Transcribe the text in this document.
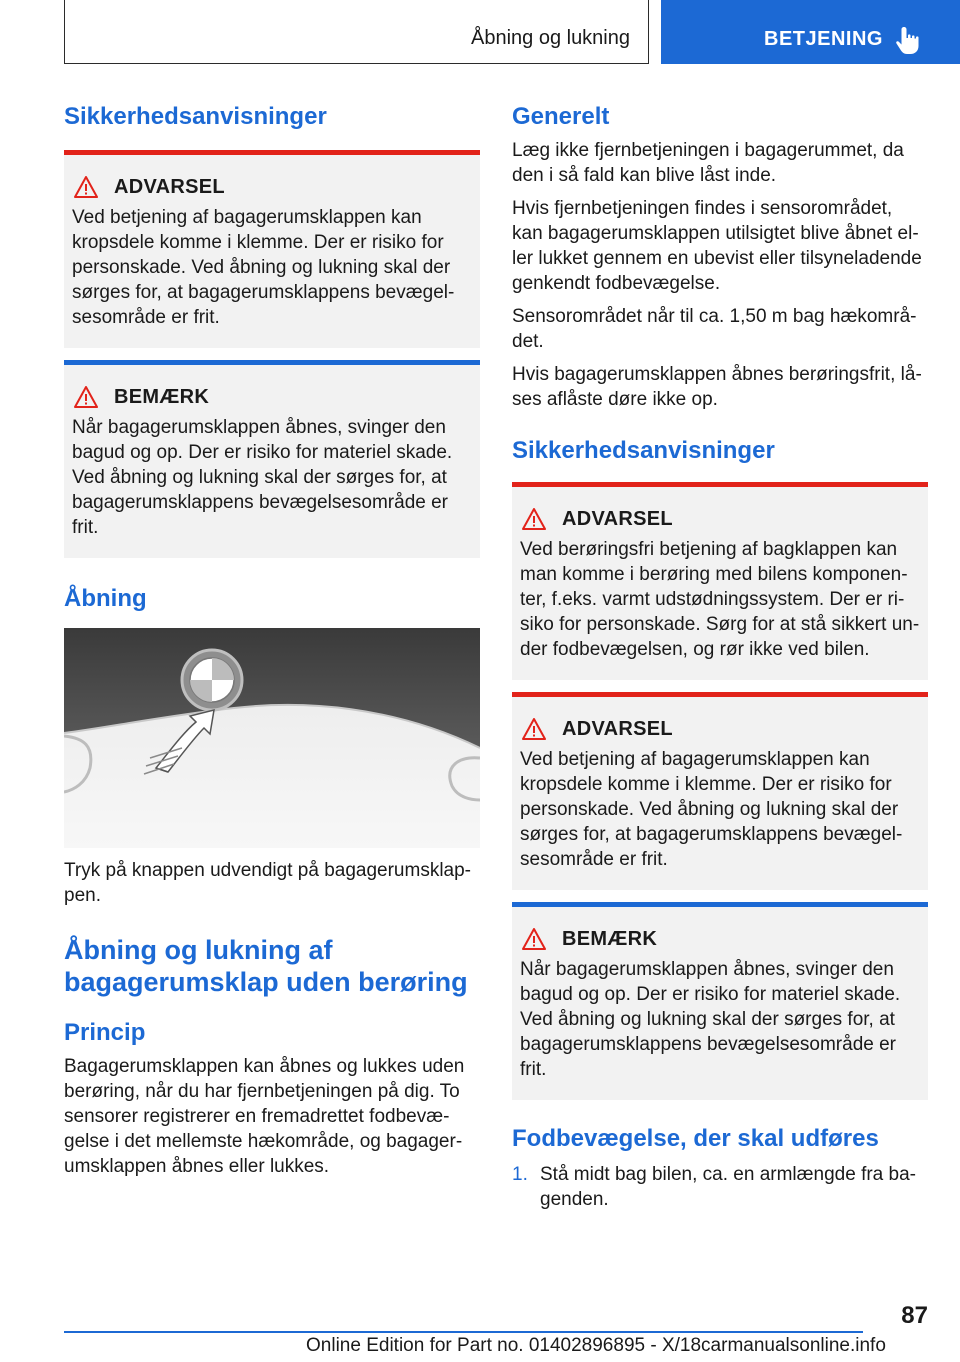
Åbning og lukning	BETJENING
Sikkerhedsanvisninger
ADVARSEL

Ved betjening af bagagerumsklappen kan kropsdele komme i klemme. Der er risiko for personskade. Ved åbning og lukning skal der sørges for, at bagagerumsklappens bevægelsesområde er frit.

BEMÆRK

Når bagagerumsklappen åbnes, svinger den bagud og op. Der er risiko for materiel skade. Ved åbning og lukning skal der sørges for, at bagagerumsklappens bevægelsesområde er frit.

Åbning

Tryk på knappen udvendigt på bagagerumsklappen.

Åbning og lukning af bagagerumsklap uden berøring
Princip

Bagagerumsklappen kan åbnes og lukkes uden berøring, når du har fjernbetjeningen på dig. To sensorer registrerer en fremadrettet fodbevægelse i det mellemste hækområde, og bagagerumsklappen åbnes eller lukkes.

Generelt

Læg ikke fjernbetjeningen i bagagerummet, da den i så fald kan blive låst inde.

Hvis fjernbetjeningen findes i sensorområdet, kan bagagerumsklappen utilsigtet blive åbnet eller lukket gennem en ubevist eller tilsyneladende genkendt fodbevægelse.

Sensorområdet når til ca. 1,50 m bag hækområdet.

Hvis bagagerumsklappen åbnes berøringsfrit, låses aflåste døre ikke op.

Sikkerhedsanvisninger
ADVARSEL

Ved berøringsfri betjening af bagklappen kan man komme i berøring med bilens komponenter, f.eks. varmt udstødningssystem. Der er risiko for personskade. Sørg for at stå sikkert under fodbevægelsen, og rør ikke ved bilen.

ADVARSEL

Ved betjening af bagagerumsklappen kan kropsdele komme i klemme. Der er risiko for personskade. Ved åbning og lukning skal der sørges for, at bagagerumsklappens bevægelsesområde er frit.

BEMÆRK

Når bagagerumsklappen åbnes, svinger den bagud og op. Der er risiko for materiel skade. Ved åbning og lukning skal der sørges for, at bagagerumsklappens bevægelsesområde er frit.

Fodbevægelse, der skal udføres
1. Stå midt bag bilen, ca. en armlængde fra bagenden.
87
Online Edition for Part no. 01402896895 - X/18carmanualsonline.info
